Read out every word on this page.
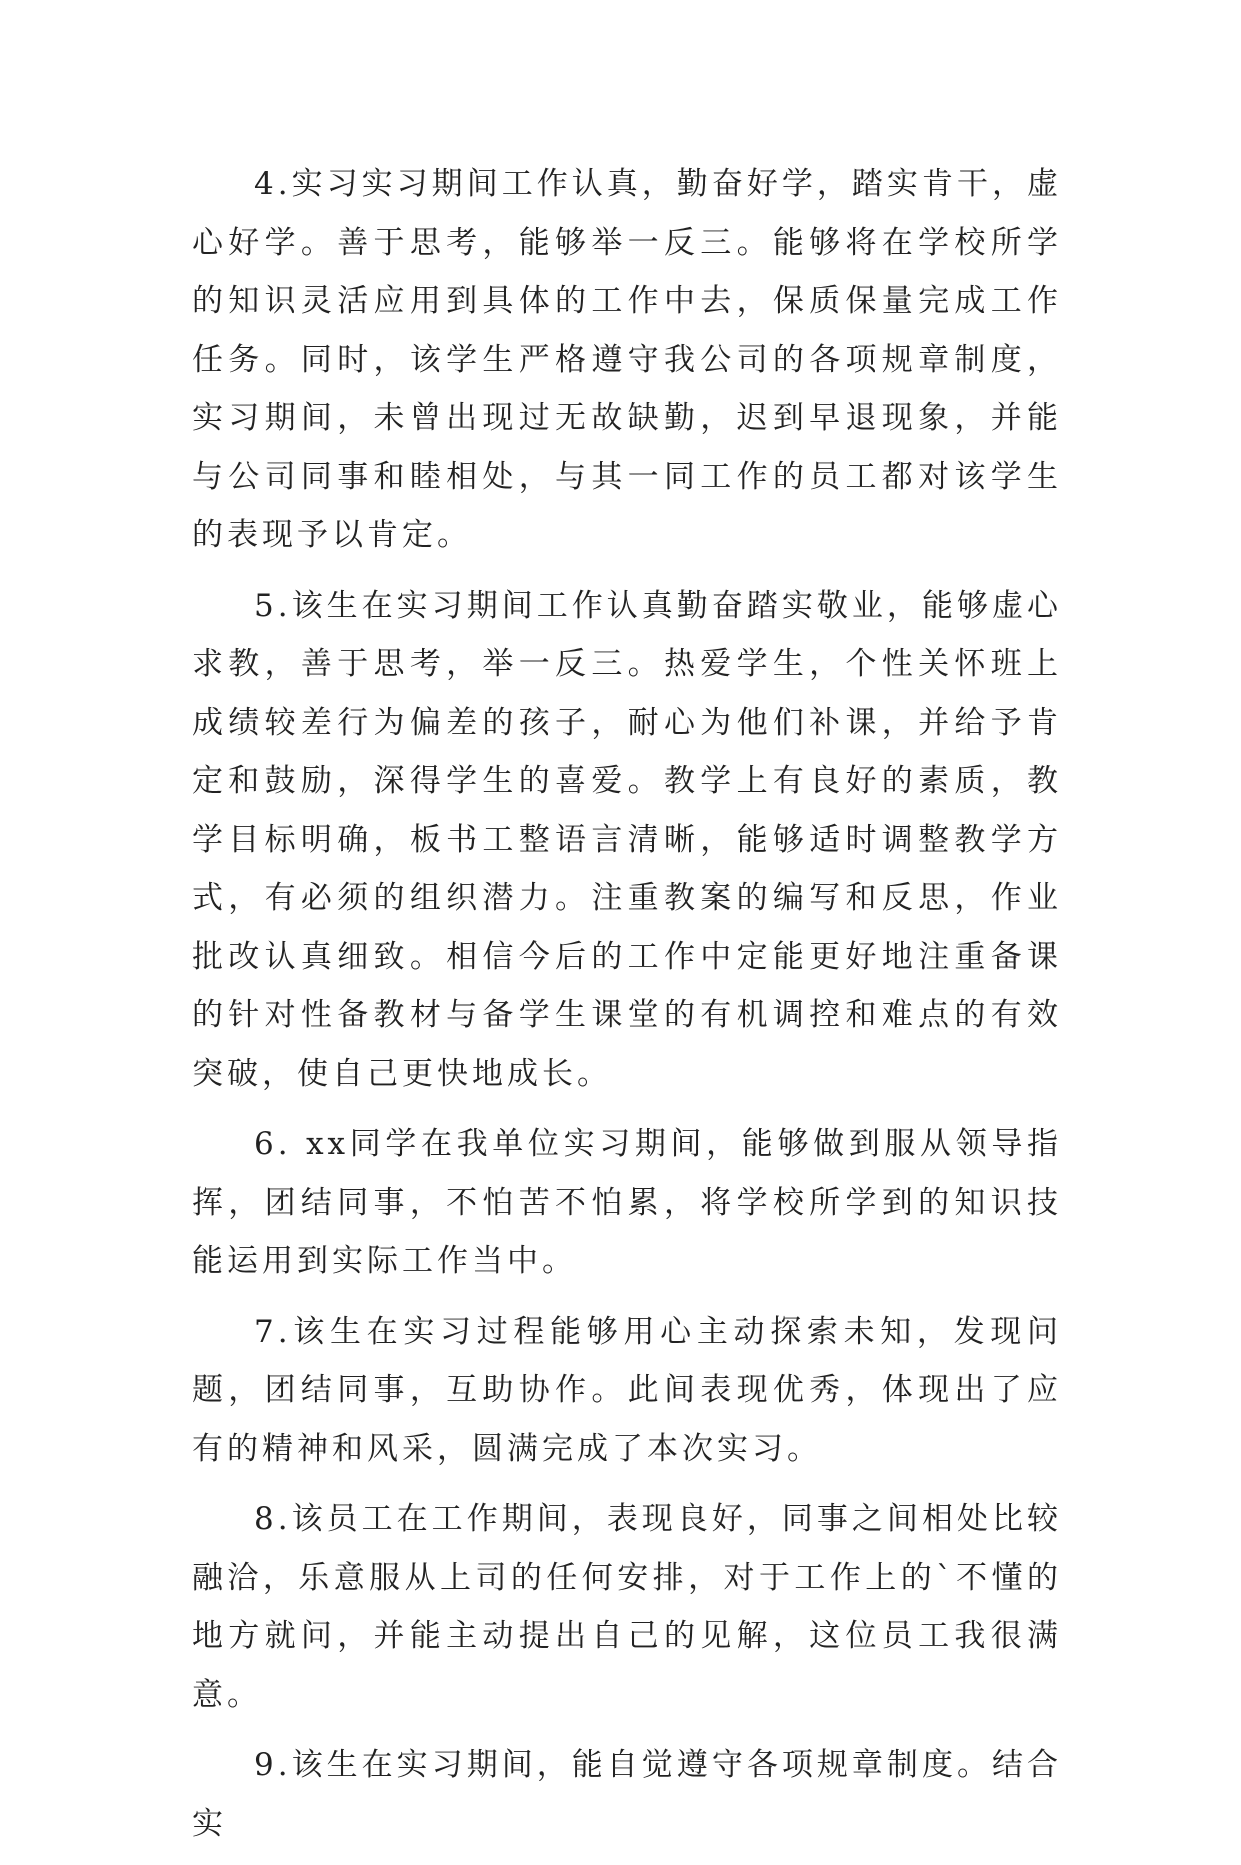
4.实习实习期间工作认真，勤奋好学，踏实肯干，虚心好学。善于思考，能够举一反三。能够将在学校所学的知识灵活应用到具体的工作中去，保质保量完成工作任务。同时，该学生严格遵守我公司的各项规章制度，实习期间，未曾出现过无故缺勤，迟到早退现象，并能与公司同事和睦相处，与其一同工作的员工都对该学生的表现予以肯定。

5.该生在实习期间工作认真勤奋踏实敬业，能够虚心求教，善于思考，举一反三。热爱学生，个性关怀班上成绩较差行为偏差的孩子，耐心为他们补课，并给予肯定和鼓励，深得学生的喜爱。教学上有良好的素质，教学目标明确，板书工整语言清晰，能够适时调整教学方式，有必须的组织潜力。注重教案的编写和反思，作业批改认真细致。相信今后的工作中定能更好地注重备课的针对性备教材与备学生课堂的有机调控和难点的有效突破，使自己更快地成长。

6. xx同学在我单位实习期间，能够做到服从领导指挥，团结同事，不怕苦不怕累，将学校所学到的知识技能运用到实际工作当中。

7.该生在实习过程能够用心主动探索未知，发现问题，团结同事，互助协作。此间表现优秀，体现出了应有的精神和风采，圆满完成了本次实习。

8.该员工在工作期间，表现良好，同事之间相处比较融洽，乐意服从上司的任何安排，对于工作上的`不懂的地方就问，并能主动提出自己的见解，这位员工我很满意。

9.该生在实习期间，能自觉遵守各项规章制度。结合实
